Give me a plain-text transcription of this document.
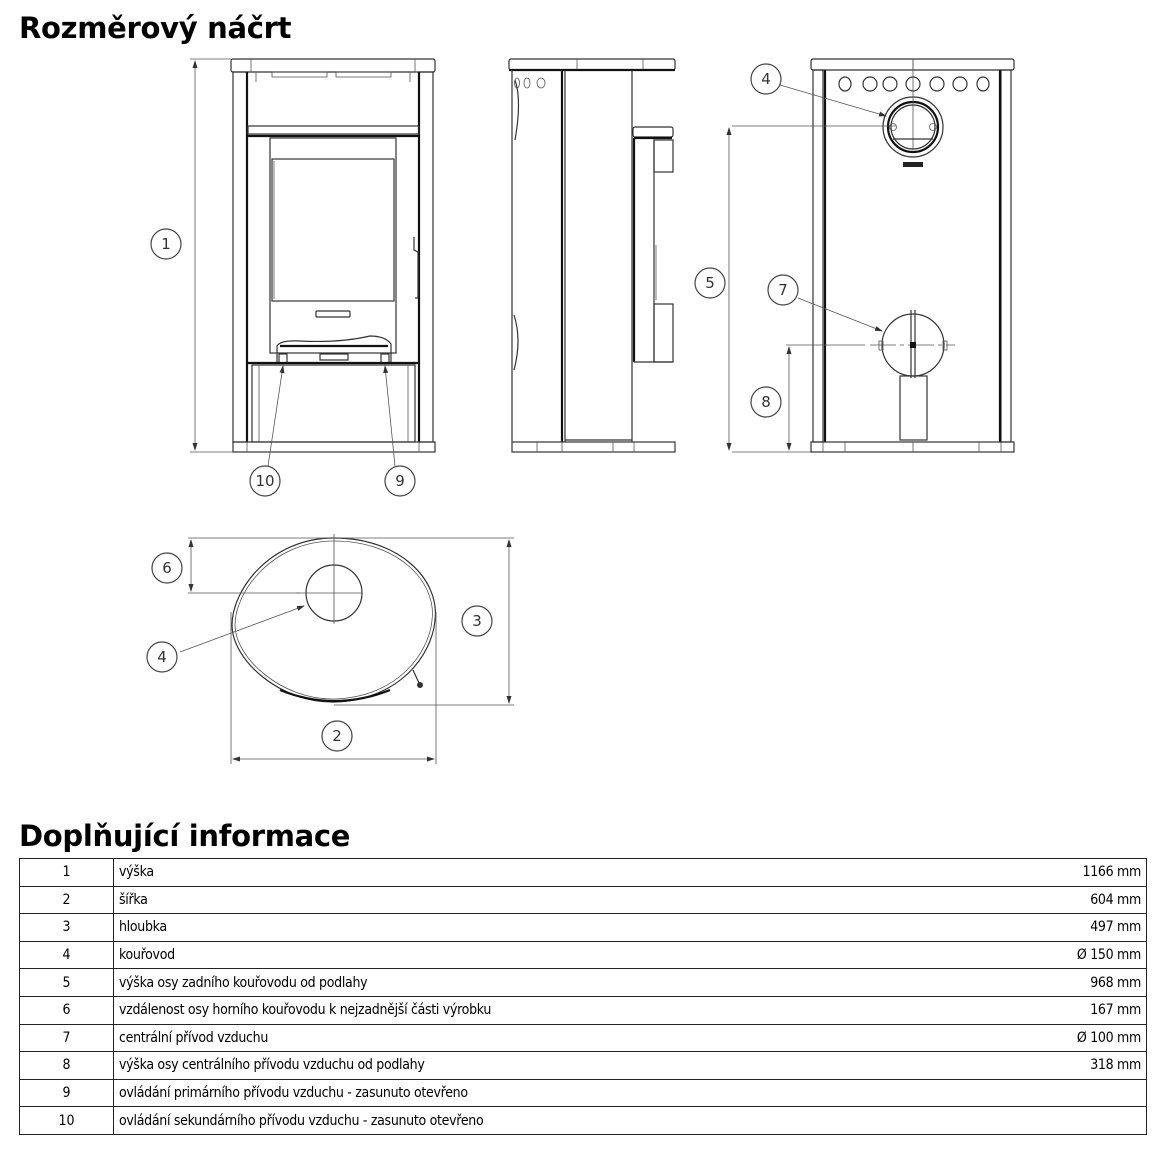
Rozměrový náčrt
1
10	9
4
5	7
8
6
4
3
2
Doplňující informace
1	výška	1166 mm
2	šířka	604 mm
3	hloubka	497 mm
4	kouřovod	Ø 150 mm
5	výška osy zadního kouřovodu od podlahy	968 mm
6	vzdálenost osy horního kouřovodu k nejzadnější části výrobku	167 mm
7	centrální přívod vzduchu	Ø 100 mm
8	výška osy centrálního přívodu vzduchu od podlahy	318 mm
9	ovládání primárního přívodu vzduchu - zasunuto otevřeno	
10	ovládání sekundárního přívodu vzduchu - zasunuto otevřeno	
